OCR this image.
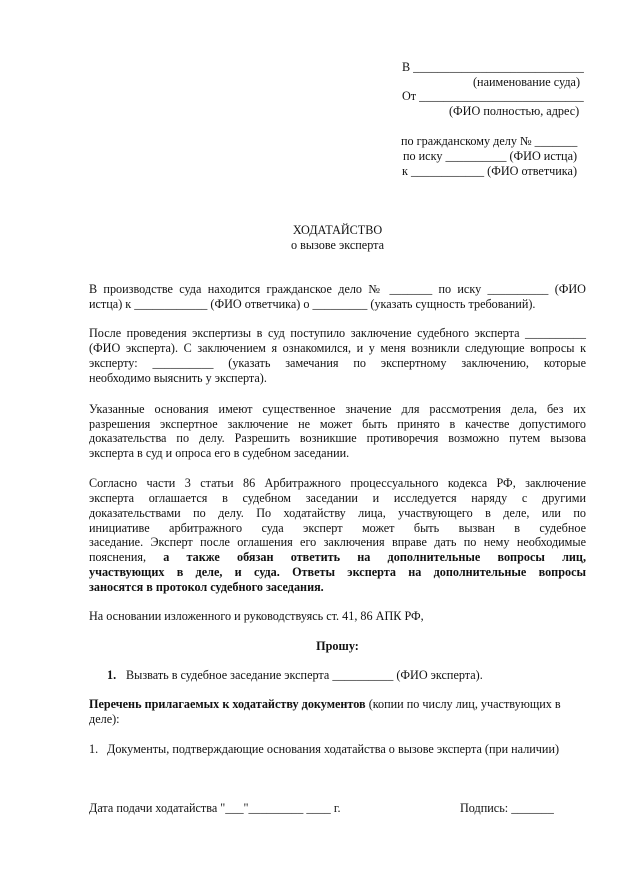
В ____________________________
(наименование суда)
От ___________________________
(ФИО полностью, адрес)
по гражданскому делу № _______
по иску __________ (ФИО истца)
к ____________ (ФИО ответчика)
ХОДАТАЙСТВО
о вызове эксперта
В производстве суда находится гражданское дело № _______ по иску __________ (ФИО
истца) к ____________ (ФИО ответчика) о _________ (указать сущность требований).
После проведения экспертизы в суд поступило заключение судебного эксперта __________
(ФИО эксперта). С заключением я ознакомился, и у меня возникли следующие вопросы к
эксперту: __________ (указать замечания по экспертному заключению, которые
необходимо выяснить у эксперта).
Указанные основания имеют существенное значение для рассмотрения дела, без их
разрешения экспертное заключение не может быть принято в качестве допустимого
доказательства по делу. Разрешить возникшие противоречия возможно путем вызова
эксперта в суд и опроса его в судебном заседании.
Согласно части 3 статьи 86 Арбитражного процессуального кодекса РФ, заключение
эксперта оглашается в судебном заседании и исследуется наряду с другими
доказательствами по делу. По ходатайству лица, участвующего в деле, или по
инициативе арбитражного суда эксперт может быть вызван в судебное
заседание. Эксперт после оглашения его заключения вправе дать по нему необходимые
пояснения, а также обязан ответить на дополнительные вопросы лиц,
участвующих в деле, и суда. Ответы эксперта на дополнительные вопросы
заносятся в протокол судебного заседания.
На основании изложенного и руководствуясь ст. 41, 86 АПК РФ,
Прошу:
1. Вызвать в судебное заседание эксперта __________ (ФИО эксперта).
Перечень прилагаемых к ходатайству документов (копии по числу лиц, участвующих в
деле):
1. Документы, подтверждающие основания ходатайства о вызове эксперта (при наличии)
Дата подачи ходатайства "___"_________ ____ г.	Подпись: _______
